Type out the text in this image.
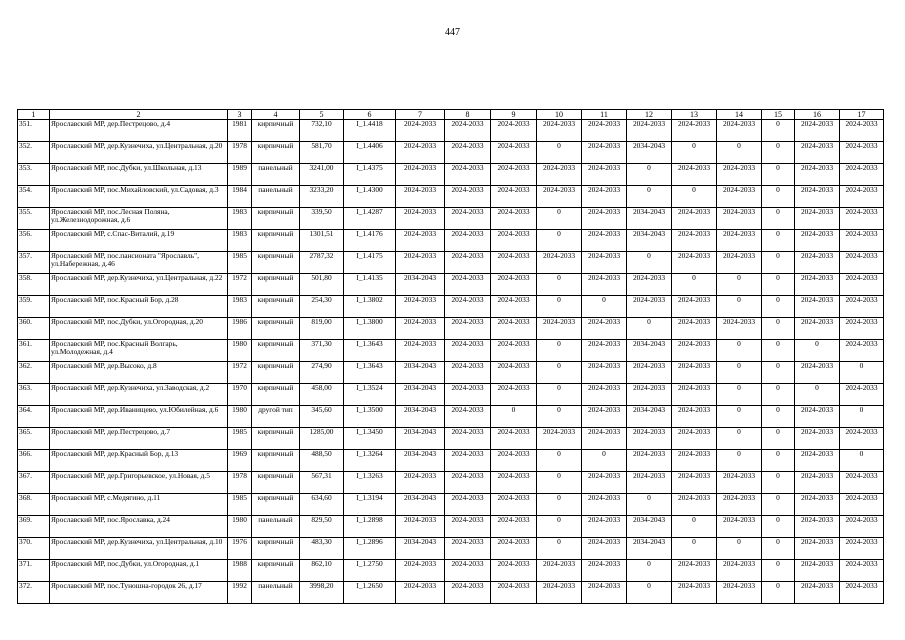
447
1	2	3	4	5	6	7	8	9	10	11	12	13	14	15	16	17
351.	Ярославский МР, дер.Пестрецово, д.4	1981	кирпичный	732,10	I_1.4418	2024-2033	2024-2033	2024-2033	2024-2033	2024-2033	2024-2033	2024-2033	2024-2033	0	2024-2033	2024-2033
352.	Ярославский МР, дер.Кузнечиха, ул.Центральная, д.20	1978	кирпичный	581,70	I_1.4406	2024-2033	2024-2033	2024-2033	0	2024-2033	2034-2043	0	0	0	2024-2033	2024-2033
353.	Ярославский МР, пос.Дубки, ул.Школьная, д.13	1989	панельный	3241,00	I_1.4375	2024-2033	2024-2033	2024-2033	2024-2033	2024-2033	0	2024-2033	2024-2033	0	2024-2033	2024-2033
354.	Ярославский МР, пос.Михайловский, ул.Садовая, д.3	1984	панельный	3233,20	I_1.4300	2024-2033	2024-2033	2024-2033	2024-2033	2024-2033	0	0	2024-2033	0	2024-2033	2024-2033
355.	Ярославский МР, пос.Лесная Поляна, ул.Железнодорожная, д.6	1983	кирпичный	339,50	I_1.4287	2024-2033	2024-2033	2024-2033	0	2024-2033	2034-2043	2024-2033	2024-2033	0	2024-2033	2024-2033
356.	Ярославский МР, с.Спас-Виталий, д.19	1983	кирпичный	1301,51	I_1.4176	2024-2033	2024-2033	2024-2033	0	2024-2033	2034-2043	2024-2033	2024-2033	0	2024-2033	2024-2033
357.	Ярославский МР, пос.пансионата "Ярославль", ул.Набережная, д.46	1985	кирпичный	2787,32	I_1.4175	2024-2033	2024-2033	2024-2033	2024-2033	2024-2033	0	2024-2033	2024-2033	0	2024-2033	2024-2033
358.	Ярославский МР, дер.Кузнечиха, ул.Центральная, д.22	1972	кирпичный	501,80	I_1.4135	2034-2043	2024-2033	2024-2033	0	2024-2033	2024-2033	0	0	0	2024-2033	2024-2033
359.	Ярославский МР, пос.Красный Бор, д.28	1983	кирпичный	254,30	I_1.3802	2024-2033	2024-2033	2024-2033	0	0	2024-2033	2024-2033	0	0	2024-2033	2024-2033
360.	Ярославский МР, пос.Дубки, ул.Огородная, д.20	1986	кирпичный	819,00	I_1.3800	2024-2033	2024-2033	2024-2033	2024-2033	2024-2033	0	2024-2033	2024-2033	0	2024-2033	2024-2033
361.	Ярославский МР, пос.Красный Волгарь, ул.Молодежная, д.4	1980	кирпичный	371,30	I_1.3643	2024-2033	2024-2033	2024-2033	0	2024-2033	2034-2043	2024-2033	0	0	0	2024-2033
362.	Ярославский МР, дер.Высоко, д.8	1972	кирпичный	274,90	I_1.3643	2034-2043	2024-2033	2024-2033	0	2024-2033	2024-2033	2024-2033	0	0	2024-2033	0
363.	Ярославский МР, дер.Кузнечиха, ул.Заводская, д.2	1970	кирпичный	458,00	I_1.3524	2034-2043	2024-2033	2024-2033	0	2024-2033	2024-2033	2024-2033	0	0	0	2024-2033
364.	Ярославский МР, дер.Иванищево, ул.Юбилейная, д.6	1980	другой тип	345,60	I_1.3500	2034-2043	2024-2033	0	0	2024-2033	2034-2043	2024-2033	0	0	2024-2033	0
365.	Ярославский МР, дер.Пестрецово, д.7	1985	кирпичный	1285,00	I_1.3450	2034-2043	2024-2033	2024-2033	2024-2033	2024-2033	2024-2033	2024-2033	0	0	2024-2033	2024-2033
366.	Ярославский МР, дер.Красный Бор, д.13	1969	кирпичный	488,50	I_1.3264	2034-2043	2024-2033	2024-2033	0	0	2024-2033	2024-2033	0	0	2024-2033	0
367.	Ярославский МР, дер.Григорьевское, ул.Новая, д.5	1978	кирпичный	567,31	I_1.3263	2024-2033	2024-2033	2024-2033	0	2024-2033	2024-2033	2024-2033	2024-2033	0	2024-2033	2024-2033
368.	Ярославский МР, с.Медягино, д.11	1985	кирпичный	634,60	I_1.3194	2034-2043	2024-2033	2024-2033	0	2024-2033	0	2024-2033	2024-2033	0	2024-2033	2024-2033
369.	Ярославский МР, пос.Ярославка, д.24	1980	панельный	829,50	I_1.2898	2024-2033	2024-2033	2024-2033	0	2024-2033	2034-2043	0	2024-2033	0	2024-2033	2024-2033
370.	Ярославский МР, дер.Кузнечиха, ул.Центральная, д.10	1976	кирпичный	483,30	I_1.2896	2034-2043	2024-2033	2024-2033	0	2024-2033	2034-2043	0	0	0	2024-2033	2024-2033
371.	Ярославский МР, пос.Дубки, ул.Огородная, д.1	1988	кирпичный	862,10	I_1.2750	2024-2033	2024-2033	2024-2033	2024-2033	2024-2033	0	2024-2033	2024-2033	0	2024-2033	2024-2033
372.	Ярославский МР, пос.Туношна-городок 26, д.17	1992	панельный	3998,20	I_1.2650	2024-2033	2024-2033	2024-2033	2024-2033	2024-2033	0	2024-2033	2024-2033	0	2024-2033	2024-2033
